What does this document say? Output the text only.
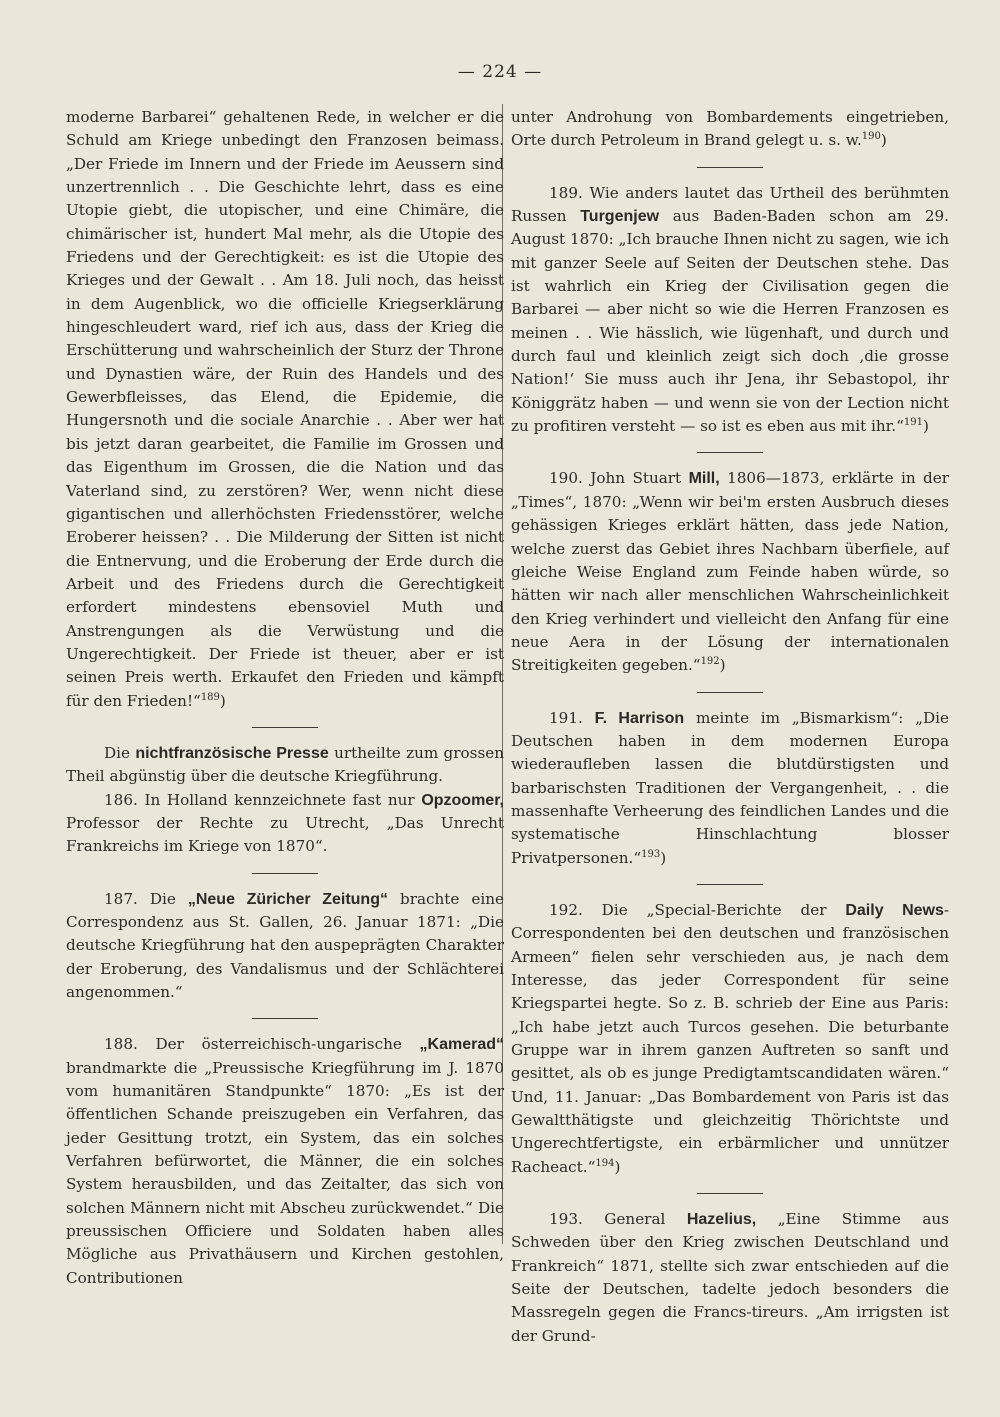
— 224 —

moderne Barbarei“ gehaltenen Rede, in welcher er die Schuld am Kriege unbedingt den Franzosen beimass. „Der Friede im Innern und der Friede im Aeussern sind unzertrennlich . . Die Geschichte lehrt, dass es eine Utopie giebt, die utopischer, und eine Chimäre, die chimärischer ist, hundert Mal mehr, als die Utopie des Friedens und der Gerechtigkeit: es ist die Utopie des Krieges und der Gewalt . . Am 18. Juli noch, das heisst in dem Augenblick, wo die officielle Kriegserklärung hingeschleudert ward, rief ich aus, dass der Krieg die Erschütterung und wahrscheinlich der Sturz der Throne und Dynastien wäre, der Ruin des Handels und des Gewerbfleisses, das Elend, die Epidemie, die Hungersnoth und die sociale Anarchie . . Aber wer hat bis jetzt daran gearbeitet, die Familie im Grossen und das Eigenthum im Grossen, die die Nation und das Vaterland sind, zu zerstören? Wer, wenn nicht diese gigantischen und allerhöchsten Friedensstörer, welche Eroberer heissen? . . Die Milderung der Sitten ist nicht die Entnervung, und die Eroberung der Erde durch die Arbeit und des Friedens durch die Gerechtigkeit erfordert mindestens ebensoviel Muth und Anstrengungen als die Verwüstung und die Ungerechtigkeit. Der Friede ist theuer, aber er ist seinen Preis werth. Erkaufet den Frieden und kämpft für den Frieden!“$^{189}$)

Die nichtfranzösische Presse urtheilte zum grossen Theil abgünstig über die deutsche Kriegführung.

186. In Holland kennzeichnete fast nur Opzoomer, Professor der Rechte zu Utrecht, „Das Unrecht Frankreichs im Kriege von 1870“.

187. Die „Neue Züricher Zeitung“ brachte eine Correspondenz aus St. Gallen, 26. Januar 1871: „Die deutsche Kriegführung hat den auspeprägten Charakter der Eroberung, des Vandalismus und der Schlächterei angenommen.“

188. Der österreichisch-ungarische „Kamerad“ brandmarkte die „Preussische Kriegführung im J. 1870 vom humanitären Standpunkte“ 1870: „Es ist der öffentlichen Schande preiszugeben ein Verfahren, das jeder Gesittung trotzt, ein System, das ein solches Verfahren befürwortet, die Männer, die ein solches System herausbilden, und das Zeitalter, das sich von solchen Männern nicht mit Abscheu zurückwendet.“ Die preussischen Officiere und Soldaten haben alles Mögliche aus Privathäusern und Kirchen gestohlen, Contributionen

unter Androhung von Bombardements eingetrieben, Orte durch Petroleum in Brand gelegt u. s. w.$^{190}$)

189. Wie anders lautet das Urtheil des berühmten Russen Turgenjew aus Baden-Baden schon am 29. August 1870: „Ich brauche Ihnen nicht zu sagen, wie ich mit ganzer Seele auf Seiten der Deutschen stehe. Das ist wahrlich ein Krieg der Civilisation gegen die Barbarei — aber nicht so wie die Herren Franzosen es meinen . . Wie hässlich, wie lügenhaft, und durch und durch faul und kleinlich zeigt sich doch ‚die grosse Nation!‘ Sie muss auch ihr Jena, ihr Sebastopol, ihr Königgrätz haben — und wenn sie von der Lection nicht zu profitiren versteht — so ist es eben aus mit ihr.“$^{191}$)

190. John Stuart Mill, 1806—1873, erklärte in der „Times“, 1870: „Wenn wir bei'm ersten Ausbruch dieses gehässigen Krieges erklärt hätten, dass jede Nation, welche zuerst das Gebiet ihres Nachbarn überfiele, auf gleiche Weise England zum Feinde haben würde, so hätten wir nach aller menschlichen Wahrscheinlichkeit den Krieg verhindert und vielleicht den Anfang für eine neue Aera in der Lösung der internationalen Streitigkeiten gegeben.“$^{192}$)

191. F. Harrison meinte im „Bismarkism“: „Die Deutschen haben in dem modernen Europa wiederaufleben lassen die blutdürstigsten und barbarischsten Traditionen der Vergangenheit, . . die massenhafte Verheerung des feindlichen Landes und die systematische Hinschlachtung blosser Privatpersonen.“$^{193}$)

192. Die „Special-Berichte der Daily News-Correspondenten bei den deutschen und französischen Armeen“ fielen sehr verschieden aus, je nach dem Interesse, das jeder Correspondent für seine Kriegspartei hegte. So z. B. schrieb der Eine aus Paris: „Ich habe jetzt auch Turcos gesehen. Die beturbante Gruppe war in ihrem ganzen Auftreten so sanft und gesittet, als ob es junge Predigtamtscandidaten wären.“ Und, 11. Januar: „Das Bombardement von Paris ist das Gewaltthätigste und gleichzeitig Thörichtste und Ungerechtfertigste, ein erbärmlicher und unnützer Racheact.“$^{194}$)

193. General Hazelius, „Eine Stimme aus Schweden über den Krieg zwischen Deutschland und Frankreich“ 1871, stellte sich zwar entschieden auf die Seite der Deutschen, tadelte jedoch besonders die Massregeln gegen die Francs-tireurs. „Am irrigsten ist der Grund-
